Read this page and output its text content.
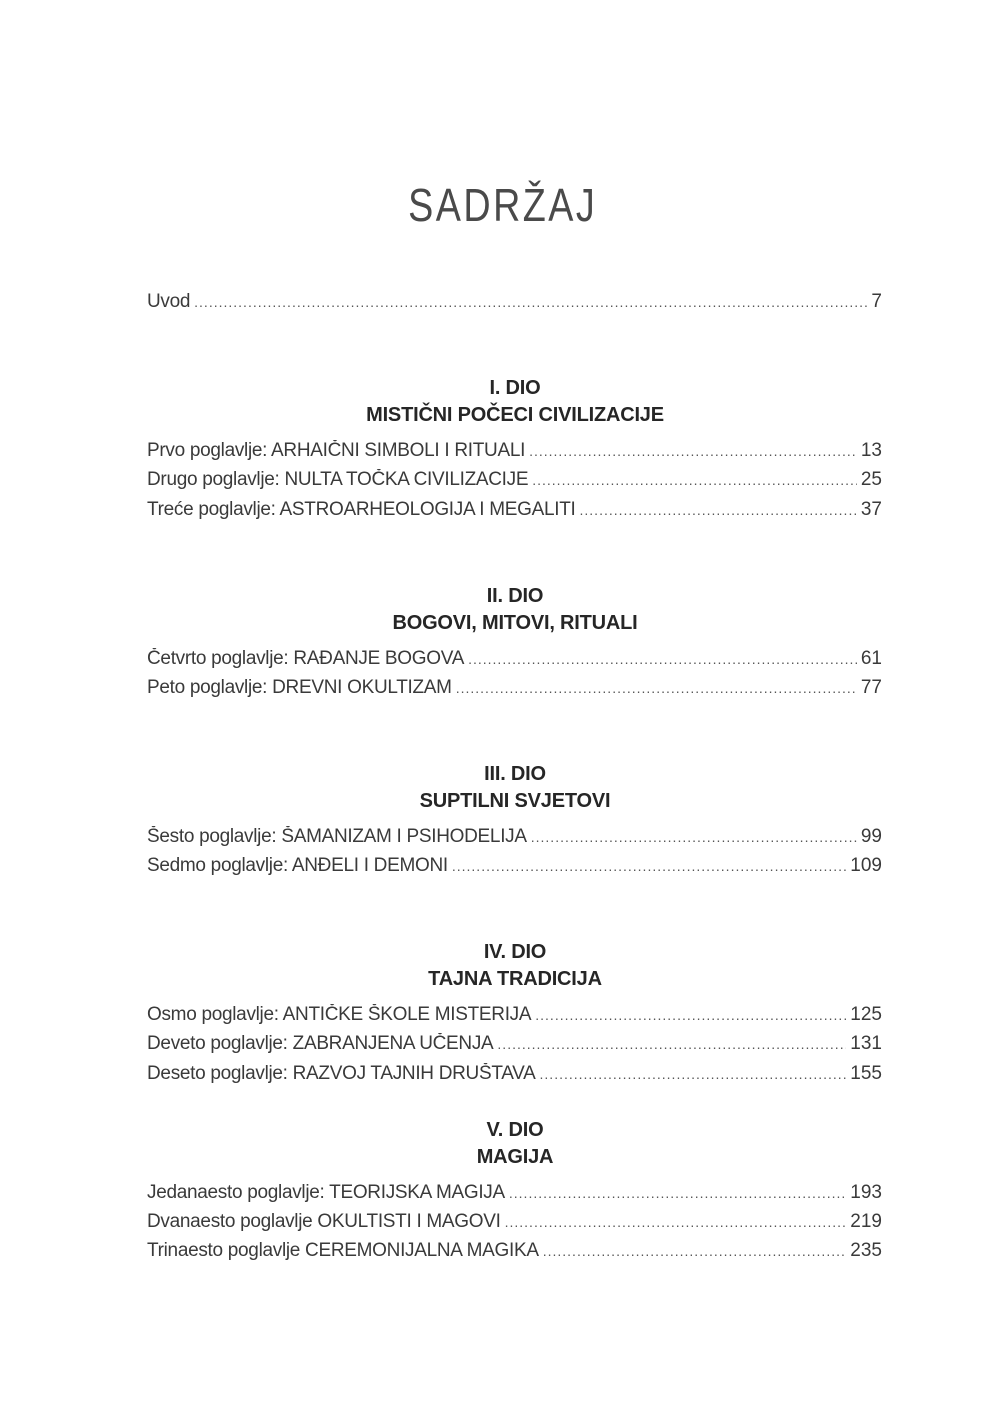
SADRŽAJ
Uvod .....	7
I. DIO
MISTIČNI POČECI CIVILIZACIJE
Prvo poglavlje: ARHAIČNI SIMBOLI I RITUALI .....	13
Drugo poglavlje: NULTA TOČKA CIVILIZACIJE .....	25
Treće poglavlje: ASTROARHEOLOGIJA I MEGALITI .....	37
II. DIO
BOGOVI, MITOVI, RITUALI
Četvrto poglavlje: RAĐANJE BOGOVA .....	61
Peto poglavlje: DREVNI OKULTIZAM .....	77
III. DIO
SUPTILNI SVJETOVI
Šesto poglavlje: ŠAMANIZAM I PSIHODELIJA .....	99
Sedmo poglavlje: ANĐELI I DEMONI .....	109
IV. DIO
TAJNA TRADICIJA
Osmo poglavlje: ANTIČKE ŠKOLE MISTERIJA .....	125
Deveto poglavlje: ZABRANJENA UČENJA .....	131
Deseto poglavlje: RAZVOJ TAJNIH DRUŠTAVA .....	155
V. DIO
MAGIJA
Jedanaesto poglavlje: TEORIJSKA MAGIJA .....	193
Dvanaesto poglavlje OKULTISTI I MAGOVI .....	219
Trinaesto poglavlje CEREMONIJALNA MAGIKA .....	235
